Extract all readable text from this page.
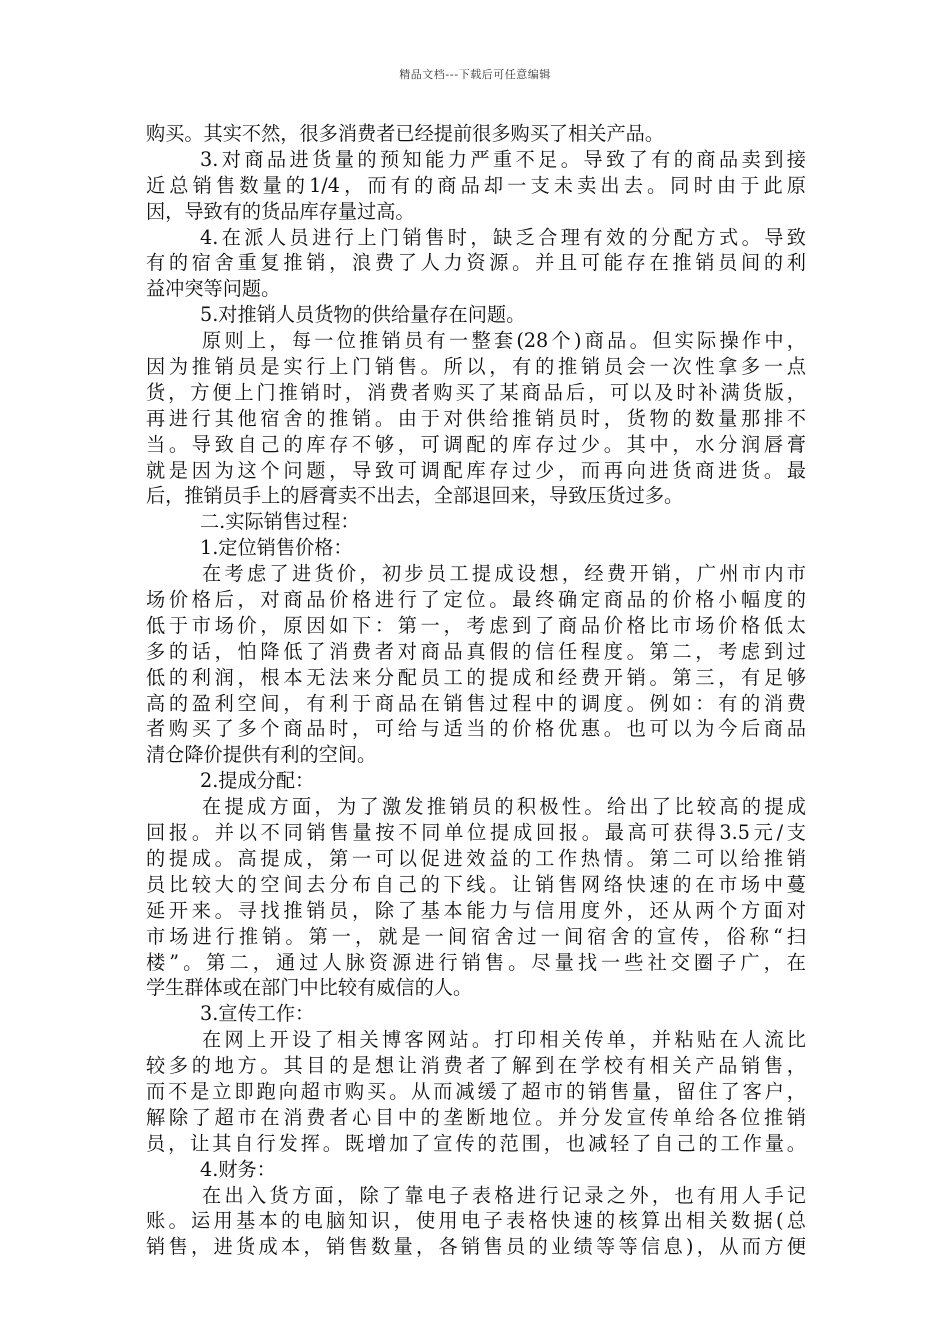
精品文档---下载后可任意编辑
购买。其实不然，很多消费者已经提前很多购买了相关产品。
3.对商品进货量的预知能力严重不足。导致了有的商品卖到接
近总销售数量的1/4，而有的商品却一支未卖出去。同时由于此原
因，导致有的货品库存量过高。
4.在派人员进行上门销售时，缺乏合理有效的分配方式。导致
有的宿舍重复推销，浪费了人力资源。并且可能存在推销员间的利
益冲突等问题。
5.对推销人员货物的供给量存在问题。
原则上，每一位推销员有一整套(28个)商品。但实际操作中，
因为推销员是实行上门销售。所以，有的推销员会一次性拿多一点
货，方便上门推销时，消费者购买了某商品后，可以及时补满货版，
再进行其他宿舍的推销。由于对供给推销员时，货物的数量那排不
当。导致自己的库存不够，可调配的库存过少。其中，水分润唇膏
就是因为这个问题，导致可调配库存过少，而再向进货商进货。最
后，推销员手上的唇膏卖不出去，全部退回来，导致压货过多。
二.实际销售过程：
1.定位销售价格：
在考虑了进货价，初步员工提成设想，经费开销，广州市内市
场价格后，对商品价格进行了定位。最终确定商品的价格小幅度的
低于市场价，原因如下：第一，考虑到了商品价格比市场价格低太
多的话，怕降低了消费者对商品真假的信任程度。第二，考虑到过
低的利润，根本无法来分配员工的提成和经费开销。第三，有足够
高的盈利空间，有利于商品在销售过程中的调度。例如：有的消费
者购买了多个商品时，可给与适当的价格优惠。也可以为今后商品
清仓降价提供有利的空间。
2.提成分配：
在提成方面，为了激发推销员的积极性。给出了比较高的提成
回报。并以不同销售量按不同单位提成回报。最高可获得3.5元/支
的提成。高提成，第一可以促进效益的工作热情。第二可以给推销
员比较大的空间去分布自己的下线。让销售网络快速的在市场中蔓
延开来。寻找推销员，除了基本能力与信用度外，还从两个方面对
市场进行推销。第一，就是一间宿舍过一间宿舍的宣传，俗称“扫
楼”。第二，通过人脉资源进行销售。尽量找一些社交圈子广，在
学生群体或在部门中比较有威信的人。
3.宣传工作：
在网上开设了相关博客网站。打印相关传单，并粘贴在人流比
较多的地方。其目的是想让消费者了解到在学校有相关产品销售，
而不是立即跑向超市购买。从而减缓了超市的销售量，留住了客户，
解除了超市在消费者心目中的垄断地位。并分发宣传单给各位推销
员，让其自行发挥。既增加了宣传的范围，也减轻了自己的工作量。
4.财务：
在出入货方面，除了靠电子表格进行记录之外，也有用人手记
账。运用基本的电脑知识，使用电子表格快速的核算出相关数据(总
销售，进货成本，销售数量，各销售员的业绩等等信息)，从而方便
